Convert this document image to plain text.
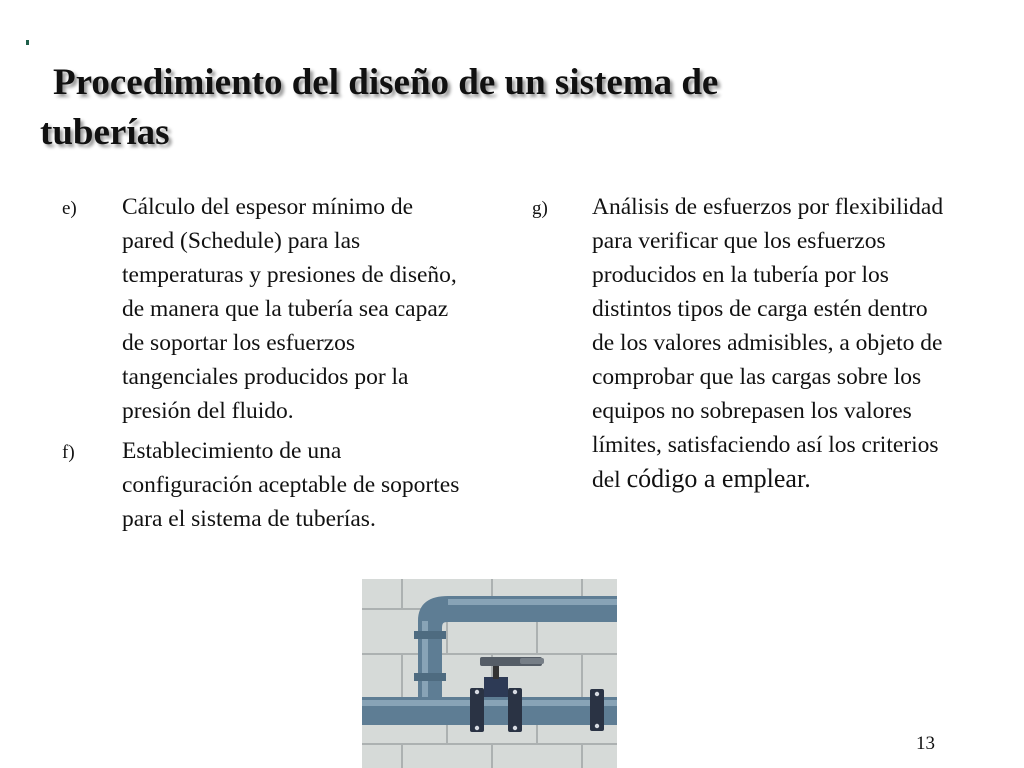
Procedimiento del diseño de un sistema de
tuberías
e)	Cálculo del espesor mínimo de pared (Schedule) para las temperaturas y presiones de diseño, de manera que la tubería sea capaz de soportar los esfuerzos tangenciales producidos por la presión del fluido.
f)	Establecimiento de una configuración aceptable de soportes para el sistema de tuberías.
g)	Análisis de esfuerzos por flexibilidad para verificar que los esfuerzos producidos en la tubería por los distintos tipos de carga estén dentro de los valores admisibles, a objeto de comprobar que las cargas sobre los equipos no sobrepasen los valores límites, satisfaciendo así los criterios del código a emplear.
13
